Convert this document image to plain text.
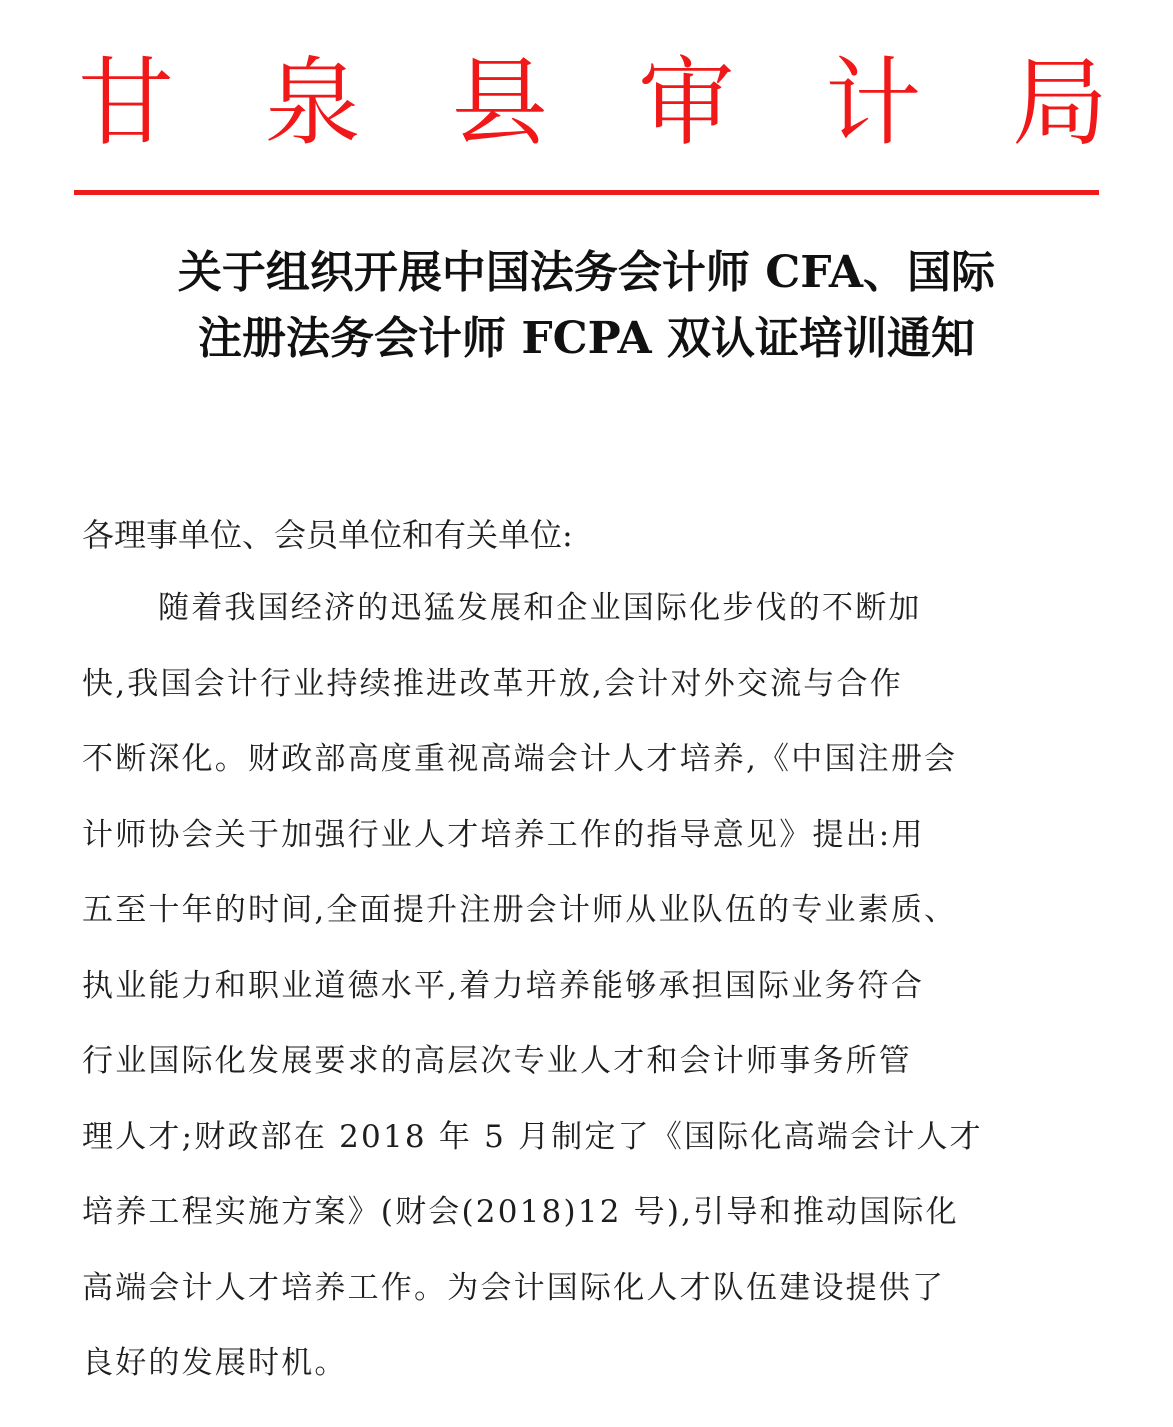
甘 泉 县 审 计 局
关于组织开展中国法务会计师 CFA、国际
注册法务会计师 FCPA 双认证培训通知
各理事单位、会员单位和有关单位:
随着我国经济的迅猛发展和企业国际化步伐的不断加
快,我国会计行业持续推进改革开放,会计对外交流与合作
不断深化。财政部高度重视高端会计人才培养,《中国注册会
计师协会关于加强行业人才培养工作的指导意见》提出:用
五至十年的时间,全面提升注册会计师从业队伍的专业素质、
执业能力和职业道德水平,着力培养能够承担国际业务符合
行业国际化发展要求的高层次专业人才和会计师事务所管
理人才;财政部在 2018 年 5 月制定了《国际化高端会计人才
培养工程实施方案》(财会(2018)12 号),引导和推动国际化
高端会计人才培养工作。为会计国际化人才队伍建设提供了
良好的发展时机。
